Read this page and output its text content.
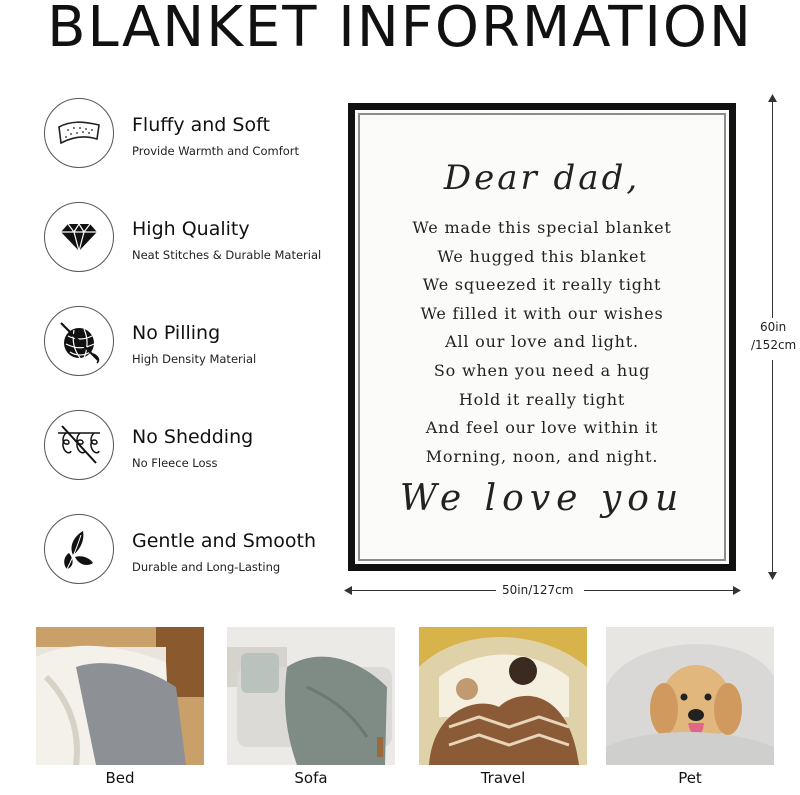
BLANKET INFORMATION
Fluffy and Soft
Provide Warmth and Comfort
High Quality
Neat Stitches & Durable Material
No Pilling
High Density Material
No Shedding
No Fleece Loss
Gentle and Smooth
Durable and Long-Lasting
Dear dad,
We made this special blanket
We hugged this blanket
We squeezed it really tight
We filled it with our wishes
All our love and light.
So when you need a hug
Hold it really tight
And feel our love within it
Morning, noon, and night.
We love you
60in
/152cm
50in/127cm
Bed	Sofa	Travel	Pet
